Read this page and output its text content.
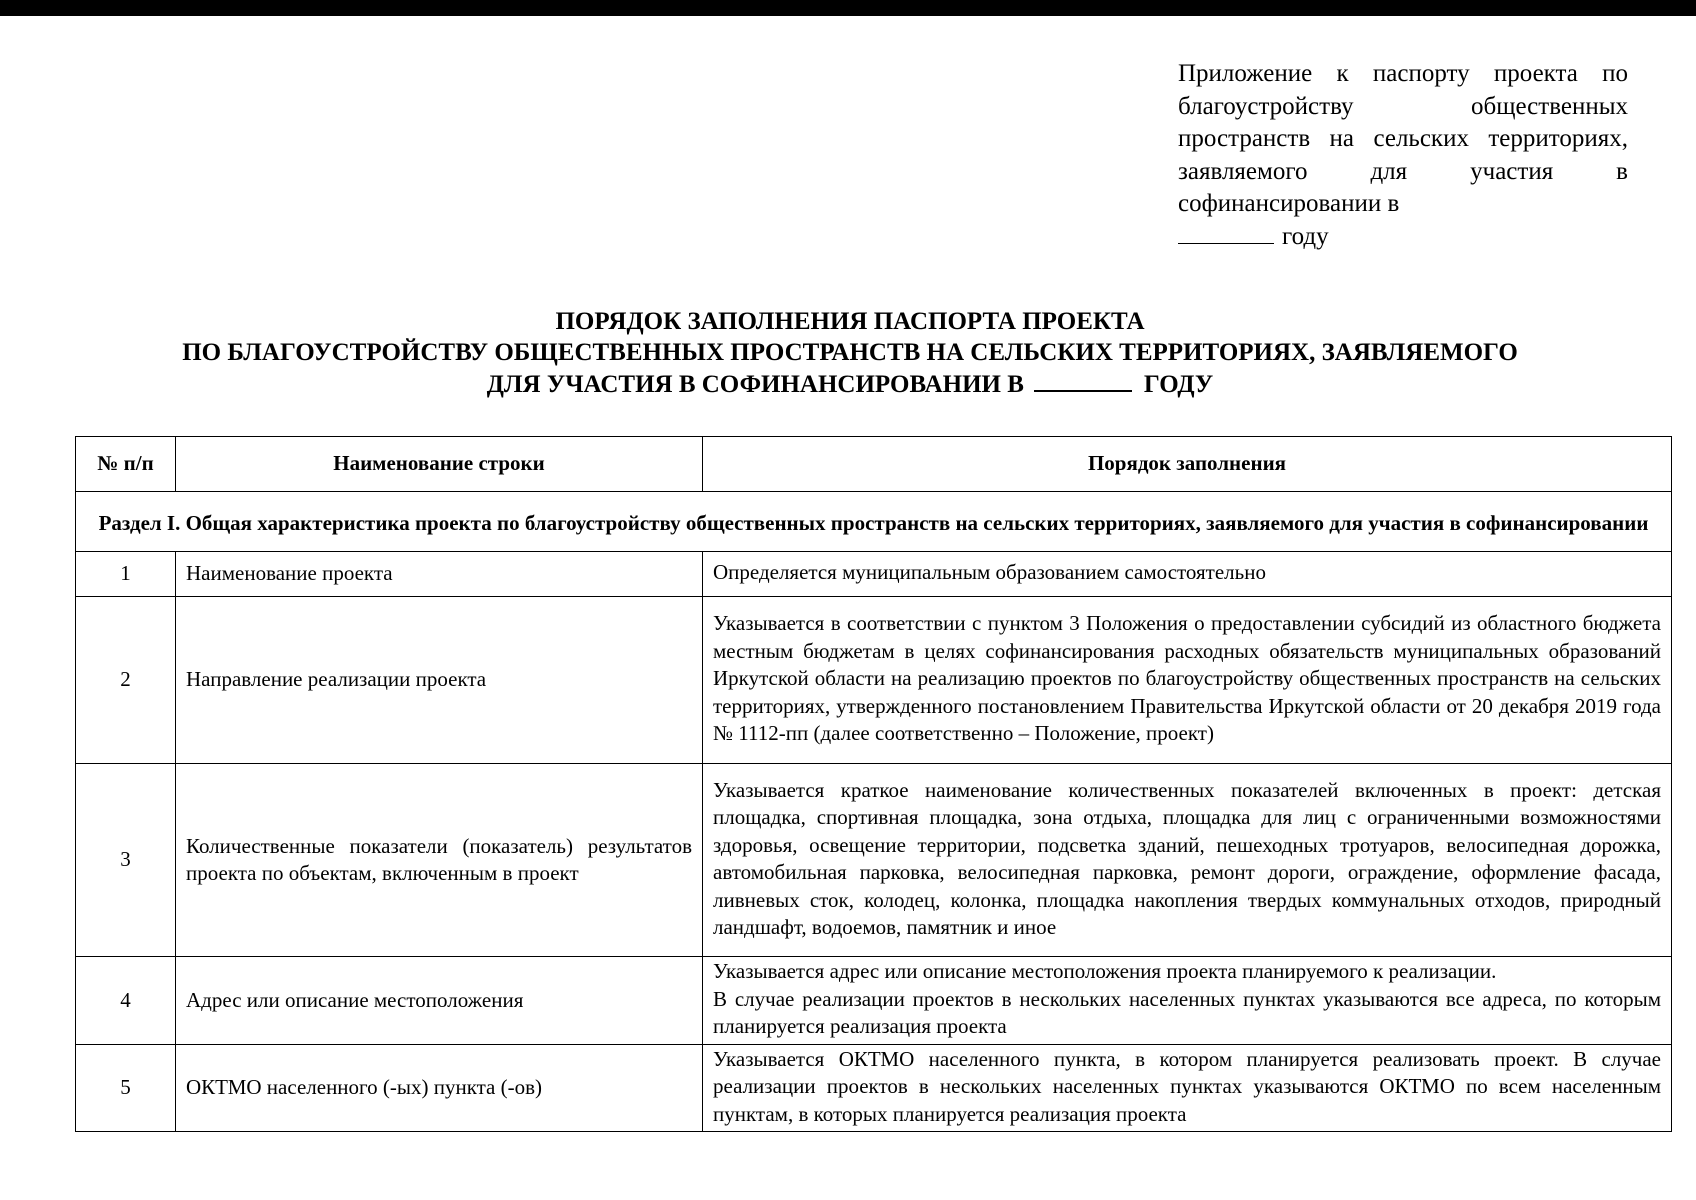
Приложение к паспорту проекта по благоустройству общественных пространств на сельских территориях, заявляемого для участия в софинансировании в
году
ПОРЯДОК ЗАПОЛНЕНИЯ ПАСПОРТА ПРОЕКТА
ПО БЛАГОУСТРОЙСТВУ ОБЩЕСТВЕННЫХ ПРОСТРАНСТВ НА СЕЛЬСКИХ ТЕРРИТОРИЯХ, ЗАЯВЛЯЕМОГО
ДЛЯ УЧАСТИЯ В СОФИНАНСИРОВАНИИ В	ГОДУ
№ п/п	Наименование строки	Порядок заполнения
Раздел I. Общая характеристика проекта по благоустройству общественных пространств на сельских территориях, заявляемого для участия в софинансировании		
1	Наименование проекта	Определяется муниципальным образованием самостоятельно
2	Направление реализации проекта	Указывается в соответствии с пунктом 3 Положения о предоставлении субсидий из областного бюджета местным бюджетам в целях софинансирования расходных обязательств муниципальных образований Иркутской области на реализацию проектов по благоустройству общественных пространств на сельских территориях, утвержденного постановлением Правительства Иркутской области от 20 декабря 2019 года № 1112-пп (далее соответственно – Положение, проект)
3	Количественные показатели (показатель) результатов проекта по объектам, включенным в проект	Указывается краткое наименование количественных показателей включенных в проект: детская площадка, спортивная площадка, зона отдыха, площадка для лиц с ограниченными возможностями здоровья, освещение территории, подсветка зданий, пешеходных тротуаров, велосипедная дорожка, автомобильная парковка, велосипедная парковка, ремонт дороги, ограждение, оформление фасада, ливневых сток, колодец, колонка, площадка накопления твердых коммунальных отходов, природный ландшафт, водоемов, памятник и иное
4	Адрес или описание местоположения	Указывается адрес или описание местоположения проекта планируемого к реализации.
В случае реализации проектов в нескольких населенных пунктах указываются все адреса, по которым планируется реализация проекта

5	ОКТМО населенного (-ых) пункта (-ов)	Указывается ОКТМО населенного пункта, в котором планируется реализовать проект. В случае реализации проектов в нескольких населенных пунктах указываются ОКТМО по всем населенным пунктам, в которых планируется реализация проекта
